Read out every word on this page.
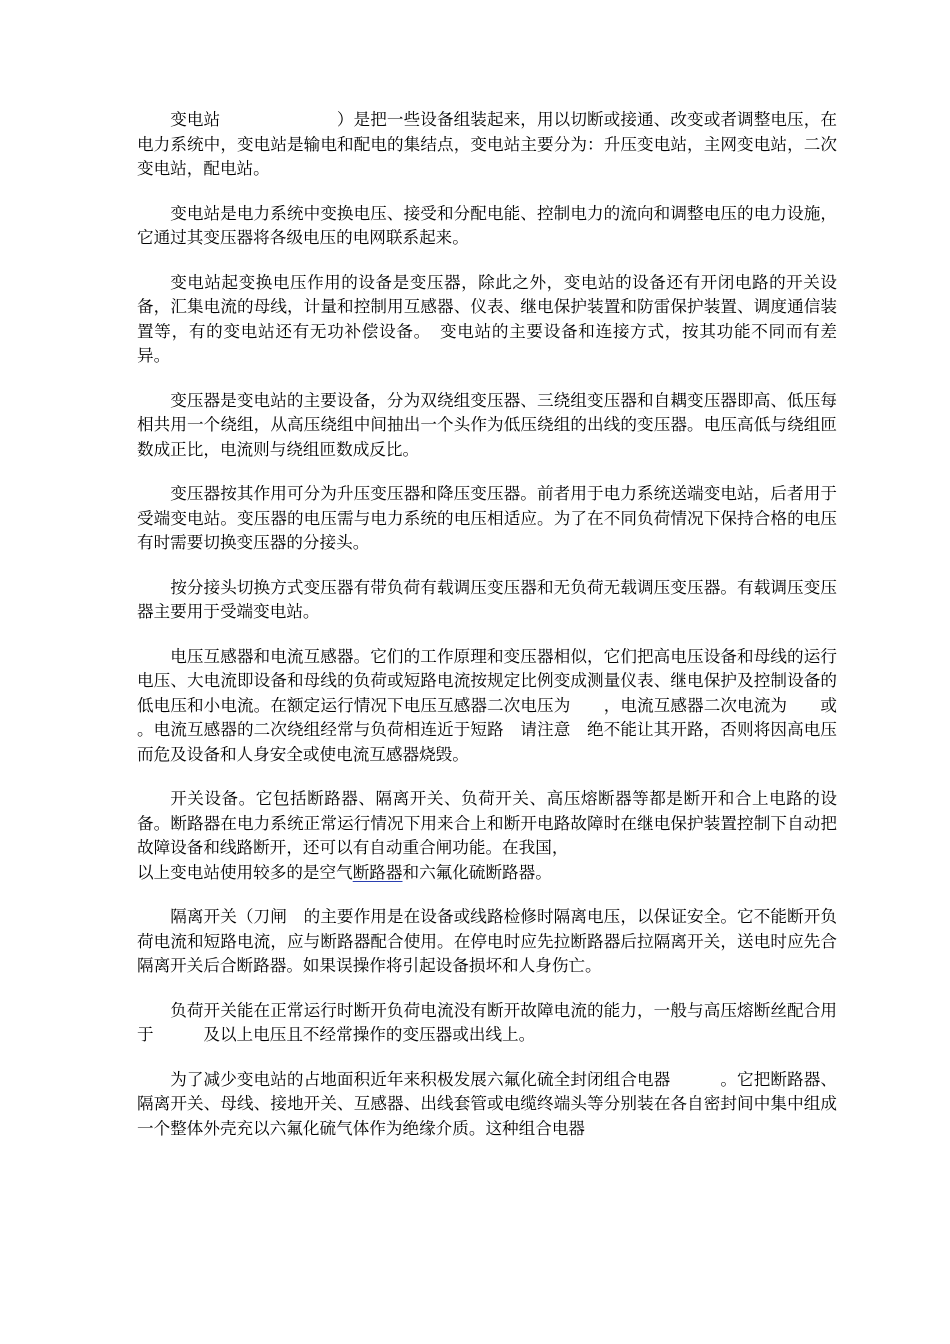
变电站　　　　　　　）是把一些设备组装起来，用以切断或接通、改变或者调整电压，在电力系统中，变电站是输电和配电的集结点，变电站主要分为：升压变电站，主网变电站，二次变电站，配电站。

变电站是电力系统中变换电压、接受和分配电能、控制电力的流向和调整电压的电力设施，它通过其变压器将各级电压的电网联系起来。

变电站起变换电压作用的设备是变压器，除此之外，变电站的设备还有开闭电路的开关设备，汇集电流的母线，计量和控制用互感器、仪表、继电保护装置和防雷保护装置、调度通信装置等，有的变电站还有无功补偿设备。　变电站的主要设备和连接方式，按其功能不同而有差异。

变压器是变电站的主要设备，分为双绕组变压器、三绕组变压器和自耦变压器即高、低压每相共用一个绕组，从高压绕组中间抽出一个头作为低压绕组的出线的变压器。电压高低与绕组匝数成正比，电流则与绕组匝数成反比。

变压器按其作用可分为升压变压器和降压变压器。前者用于电力系统送端变电站，后者用于受端变电站。变压器的电压需与电力系统的电压相适应。为了在不同负荷情况下保持合格的电压有时需要切换变压器的分接头。

按分接头切换方式变压器有带负荷有载调压变压器和无负荷无载调压变压器。有载调压变压器主要用于受端变电站。

电压互感器和电流互感器。它们的工作原理和变压器相似，它们把高电压设备和母线的运行电压、大电流即设备和母线的负荷或短路电流按规定比例变成测量仪表、继电保护及控制设备的低电压和小电流。在额定运行情况下电压互感器二次电压为　　，电流互感器二次电流为　　或　　。电流互感器的二次绕组经常与负荷相连近于短路　请注意　绝不能让其开路，否则将因高电压而危及设备和人身安全或使电流互感器烧毁。

开关设备。它包括断路器、隔离开关、负荷开关、高压熔断器等都是断开和合上电路的设备。断路器在电力系统正常运行情况下用来合上和断开电路故障时在继电保护装置控制下自动把故障设备和线路断开，还可以有自动重合闸功能。在我国，
以上变电站使用较多的是空气断路器和六氟化硫断路器。

隔离开关（刀闸　的主要作用是在设备或线路检修时隔离电压，以保证安全。它不能断开负荷电流和短路电流，应与断路器配合使用。在停电时应先拉断路器后拉隔离开关，送电时应先合隔离开关后合断路器。如果误操作将引起设备损坏和人身伤亡。

负荷开关能在正常运行时断开负荷电流没有断开故障电流的能力，一般与高压熔断丝配合用于　　　及以上电压且不经常操作的变压器或出线上。

为了减少变电站的占地面积近年来积极发展六氟化硫全封闭组合电器　　　。它把断路器、隔离开关、母线、接地开关、互感器、出线套管或电缆终端头等分别装在各自密封间中集中组成一个整体外壳充以六氟化硫气体作为绝缘介质。这种组合电器
